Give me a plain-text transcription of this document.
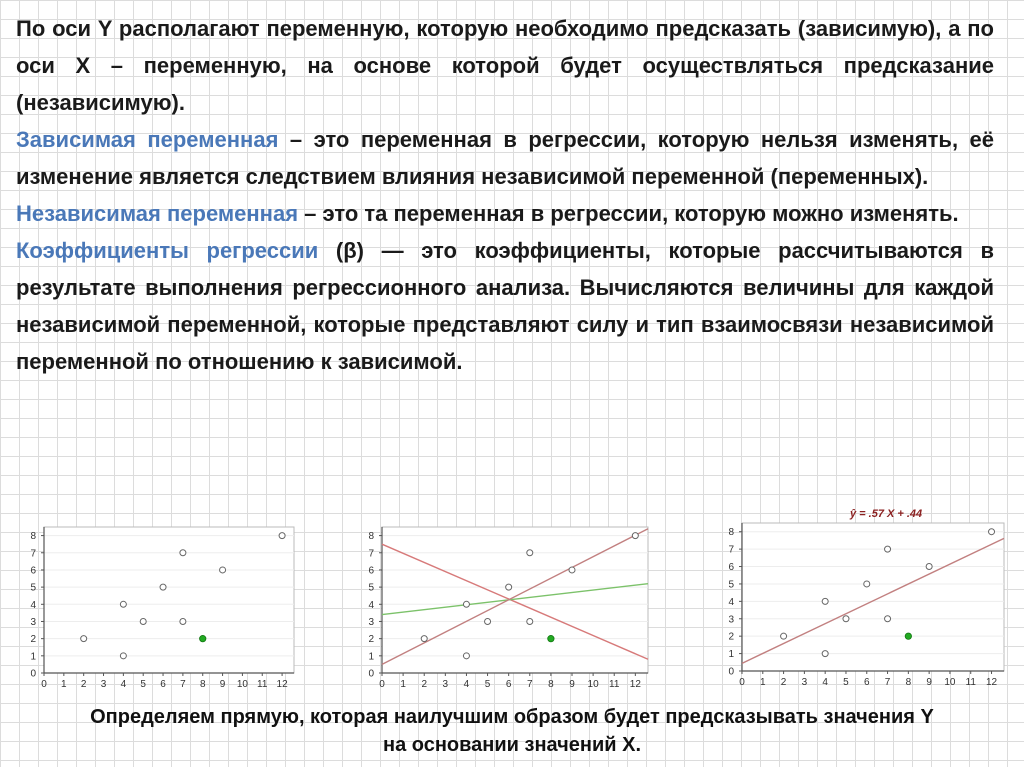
По оси Y располагают переменную, которую необходимо предсказать (зависимую), а по оси X – переменную, на основе которой будет осуществляться предсказание (независимую).

Зависимая переменная – это переменная в регрессии, которую нельзя изменять, её изменение является следствием влияния независимой переменной (переменных).

Независимая переменная – это та переменная в регрессии, которую можно изменять.

Коэффициенты регрессии (β) — это коэффициенты, которые рассчитываются в результате выполнения регрессионного анализа. Вычисляются величины для каждой независимой переменной, которые представляют силу и тип взаимосвязи независимой переменной по отношению к зависимой.

0 1 2 3 4 5 6 7 8 9 10 11 12
0
1
2
3
4
5
6
7
8
0 1 2 3 4 5 6 7 8 9 10 11 12
0
1
2
3
4
5
6
7
8
0 1 2 3 4 5 6 7 8 9 10 11 12
0
1
2
3
4
5
6
7
8
ŷ = .57 X + .44
Определяем прямую, которая наилучшим образом будет предсказывать значения Y
на основании значений X.
